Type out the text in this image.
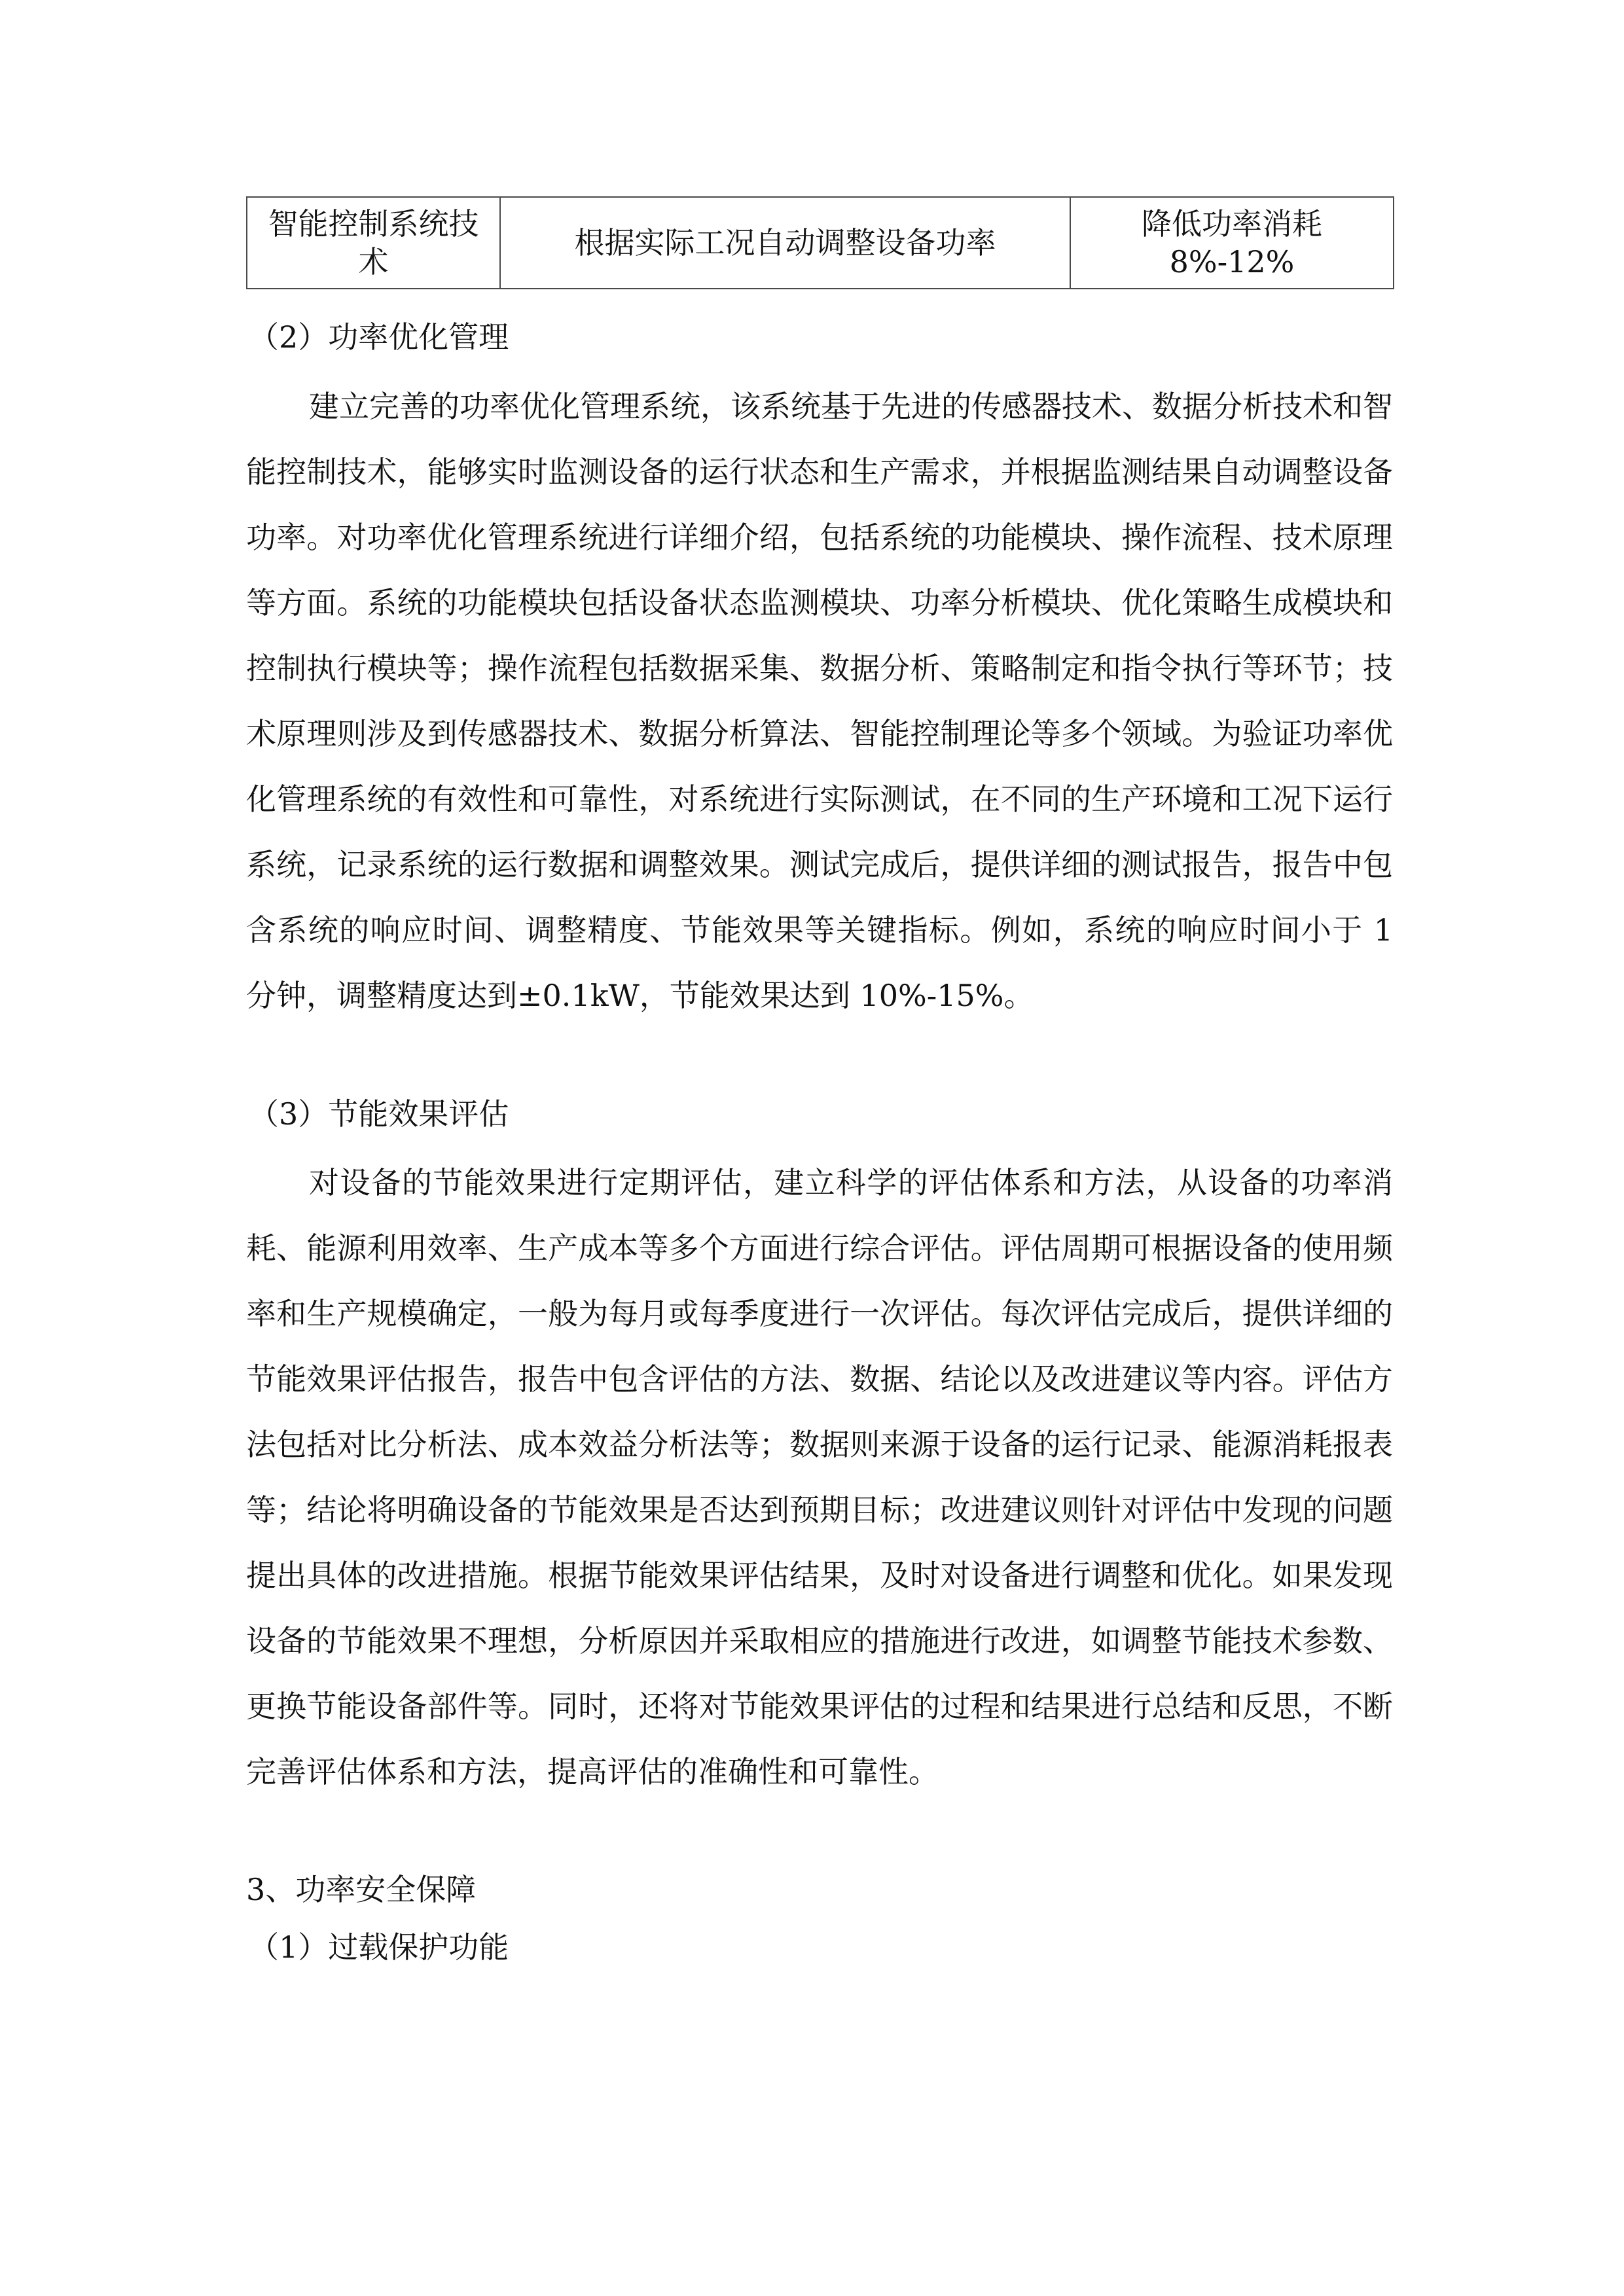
智能控制系统技术	根据实际工况自动调整设备功率	降低功率消耗 8%-12%
（2）功率优化管理

建立完善的功率优化管理系统，该系统基于先进的传感器技术、数据分析技术和智能控制技术，能够实时监测设备的运行状态和生产需求，并根据监测结果自动调整设备功率。对功率优化管理系统进行详细介绍，包括系统的功能模块、操作流程、技术原理等方面。系统的功能模块包括设备状态监测模块、功率分析模块、优化策略生成模块和控制执行模块等；操作流程包括数据采集、数据分析、策略制定和指令执行等环节；技术原理则涉及到传感器技术、数据分析算法、智能控制理论等多个领域。为验证功率优化管理系统的有效性和可靠性，对系统进行实际测试，在不同的生产环境和工况下运行系统，记录系统的运行数据和调整效果。测试完成后，提供详细的测试报告，报告中包含系统的响应时间、调整精度、节能效果等关键指标。例如，系统的响应时间小于 1 分钟，调整精度达到±0.1kW，节能效果达到 10%-15%。

（3）节能效果评估

对设备的节能效果进行定期评估，建立科学的评估体系和方法，从设备的功率消耗、能源利用效率、生产成本等多个方面进行综合评估。评估周期可根据设备的使用频率和生产规模确定，一般为每月或每季度进行一次评估。每次评估完成后，提供详细的节能效果评估报告，报告中包含评估的方法、数据、结论以及改进建议等内容。评估方法包括对比分析法、成本效益分析法等；数据则来源于设备的运行记录、能源消耗报表等；结论将明确设备的节能效果是否达到预期目标；改进建议则针对评估中发现的问题提出具体的改进措施。根据节能效果评估结果，及时对设备进行调整和优化。如果发现设备的节能效果不理想，分析原因并采取相应的措施进行改进，如调整节能技术参数、更换节能设备部件等。同时，还将对节能效果评估的过程和结果进行总结和反思，不断完善评估体系和方法，提高评估的准确性和可靠性。

3、功率安全保障
（1）过载保护功能
